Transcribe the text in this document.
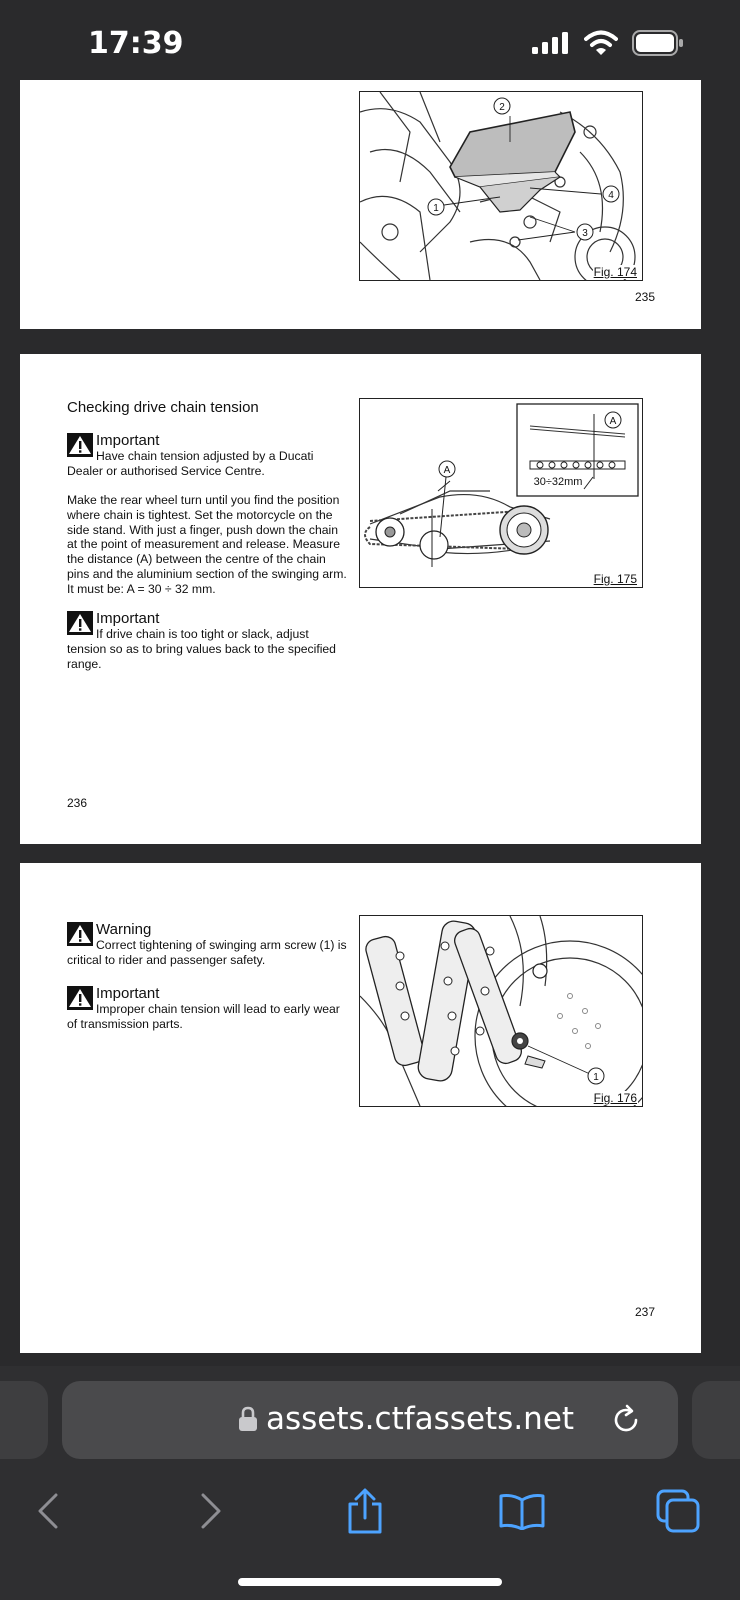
17:39
1
2
3
4
Fig. 174
235
Checking drive chain tension
Important
Have chain tension adjusted by a Ducati Dealer or authorised Service Centre.
Make the rear wheel turn until you find the position where chain is tightest. Set the motorcycle on the side stand. With just a finger, push down the chain at the point of measurement and release. Measure the distance (A) between the centre of the chain pins and the aluminium section of the swinging arm. It must be: A = 30 ÷ 32 mm.
Important
If drive chain is too tight or slack, adjust tension so as to bring values back to the specified range.
A
A
30÷32mm
Fig. 175
236
Warning
Correct tightening of swinging arm screw (1) is critical to rider and passenger safety.
Important
Improper chain tension will lead to early wear of transmission parts.
1
Fig. 176
237
assets.ctfassets.net
